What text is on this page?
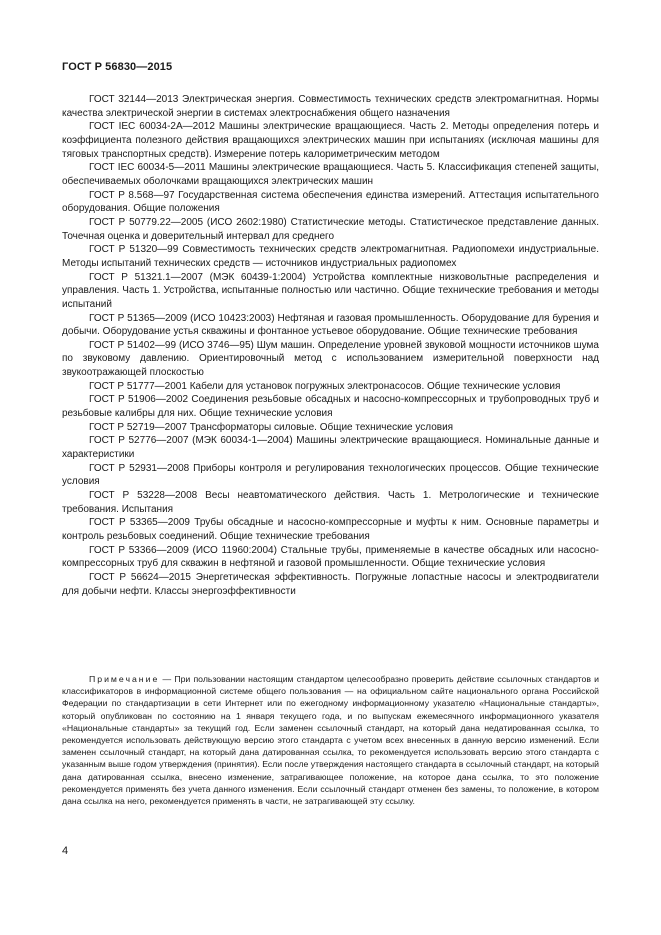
ГОСТ Р 56830—2015

ГОСТ 32144—2013 Электрическая энергия. Совместимость технических средств электромагнитная. Нормы качества электрической энергии в системах электроснабжения общего назначения

ГОСТ IEC 60034-2А—2012 Машины электрические вращающиеся. Часть 2. Методы определения потерь и коэффициента полезного действия вращающихся электрических машин при испытаниях (исключая машины для тяговых транспортных средств). Измерение потерь калориметрическим методом

ГОСТ IEC 60034-5—2011 Машины электрические вращающиеся. Часть 5. Классификация степеней защиты, обеспечиваемых оболочками вращающихся электрических машин

ГОСТ Р 8.568—97 Государственная система обеспечения единства измерений. Аттестация испытательного оборудования. Общие положения

ГОСТ Р 50779.22—2005 (ИСО 2602:1980) Статистические методы. Статистическое представление данных. Точечная оценка и доверительный интервал для среднего

ГОСТ Р 51320—99 Совместимость технических средств электромагнитная. Радиопомехи индустриальные. Методы испытаний технических средств — источников индустриальных радиопомех

ГОСТ Р 51321.1—2007 (МЭК 60439-1:2004) Устройства комплектные низковольтные распределения и управления. Часть 1. Устройства, испытанные полностью или частично. Общие технические требования и методы испытаний

ГОСТ Р 51365—2009 (ИСО 10423:2003) Нефтяная и газовая промышленность. Оборудование для бурения и добычи. Оборудование устья скважины и фонтанное устьевое оборудование. Общие технические требования

ГОСТ Р 51402—99 (ИСО 3746—95) Шум машин. Определение уровней звуковой мощности источников шума по звуковому давлению. Ориентировочный метод с использованием измерительной поверхности над звукоотражающей плоскостью

ГОСТ Р 51777—2001 Кабели для установок погружных электронасосов. Общие технические условия

ГОСТ Р 51906—2002 Соединения резьбовые обсадных и насосно-компрессорных и трубопроводных труб и резьбовые калибры для них. Общие технические условия

ГОСТ Р 52719—2007 Трансформаторы силовые. Общие технические условия

ГОСТ Р 52776—2007 (МЭК 60034-1—2004) Машины электрические вращающиеся. Номинальные данные и характеристики

ГОСТ Р 52931—2008 Приборы контроля и регулирования технологических процессов. Общие технические условия

ГОСТ Р 53228—2008 Весы неавтоматического действия. Часть 1. Метрологические и технические требования. Испытания

ГОСТ Р 53365—2009 Трубы обсадные и насосно-компрессорные и муфты к ним. Основные параметры и контроль резьбовых соединений. Общие технические требования

ГОСТ Р 53366—2009 (ИСО 11960:2004) Стальные трубы, применяемые в качестве обсадных или насосно-компрессорных труб для скважин в нефтяной и газовой промышленности. Общие технические условия

ГОСТ Р 56624—2015 Энергетическая эффективность. Погружные лопастные насосы и электродвигатели для добычи нефти. Классы энергоэффективности

Примечание — При пользовании настоящим стандартом целесообразно проверить действие ссылочных стандартов и классификаторов в информационной системе общего пользования — на официальном сайте национального органа Российской Федерации по стандартизации в сети Интернет или по ежегодному информационному указателю «Национальные стандарты», который опубликован по состоянию на 1 января текущего года, и по выпускам ежемесячного информационного указателя «Национальные стандарты» за текущий год. Если заменен ссылочный стандарт, на который дана недатированная ссылка, то рекомендуется использовать действующую версию этого стандарта с учетом всех внесенных в данную версию изменений. Если заменен ссылочный стандарт, на который дана датированная ссылка, то рекомендуется использовать версию этого стандарта с указанным выше годом утверждения (принятия). Если после утверждения настоящего стандарта в ссылочный стандарт, на который дана датированная ссылка, внесено изменение, затрагивающее положение, на которое дана ссылка, то это положение рекомендуется применять без учета данного изменения. Если ссылочный стандарт отменен без замены, то положение, в котором дана ссылка на него, рекомендуется применять в части, не затрагивающей эту ссылку.

4
